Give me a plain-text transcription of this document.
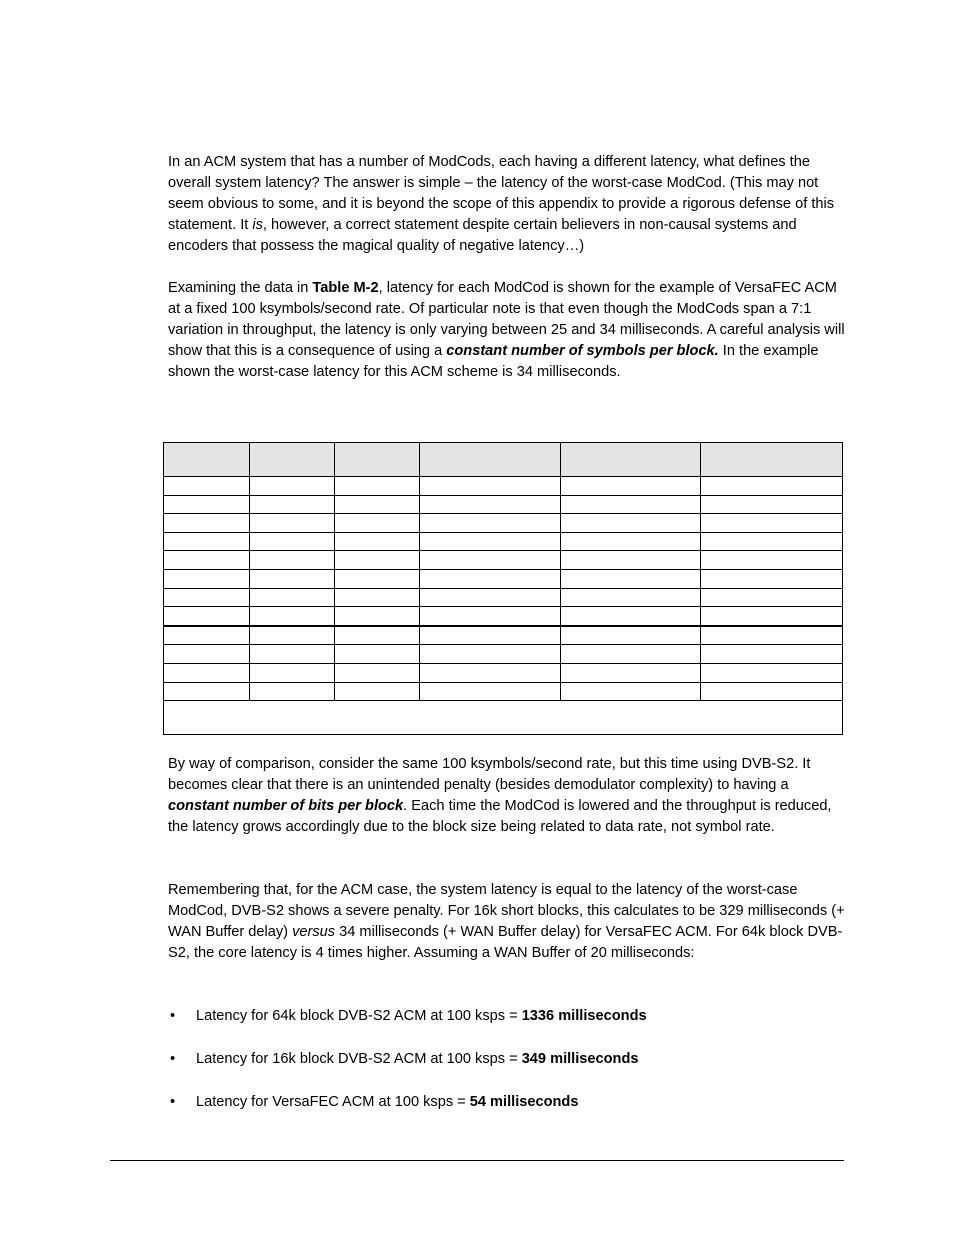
In an ACM system that has a number of ModCods, each having a different latency, what defines the overall system latency? The answer is simple – the latency of the worst-case ModCod. (This may not seem obvious to some, and it is beyond the scope of this appendix to provide a rigorous defense of this statement. It is, however, a correct statement despite certain believers in non-causal systems and encoders that possess the magical quality of negative latency…)

Examining the data in Table M-2, latency for each ModCod is shown for the example of VersaFEC ACM at a fixed 100 ksymbols/second rate. Of particular note is that even though the ModCods span a 7:1 variation in throughput, the latency is only varying between 25 and 34 milliseconds. A careful analysis will show that this is a consequence of using a constant number of symbols per block. In the example shown the worst-case latency for this ACM scheme is 34 milliseconds.

By way of comparison, consider the same 100 ksymbols/second rate, but this time using DVB-S2. It becomes clear that there is an unintended penalty (besides demodulator complexity) to having a constant number of bits per block. Each time the ModCod is lowered and the throughput is reduced, the latency grows accordingly due to the block size being related to data rate, not symbol rate.

Remembering that, for the ACM case, the system latency is equal to the latency of the worst-case ModCod, DVB-S2 shows a severe penalty. For 16k short blocks, this calculates to be 329 milliseconds (+ WAN Buffer delay) versus 34 milliseconds (+ WAN Buffer delay) for VersaFEC ACM. For 64k block DVB-S2, the core latency is 4 times higher. Assuming a WAN Buffer of 20 milliseconds:

• Latency for 64k block DVB-S2 ACM at 100 ksps = 1336 milliseconds
• Latency for 16k block DVB-S2 ACM at 100 ksps = 349 milliseconds
• Latency for VersaFEC ACM at 100 ksps = 54 milliseconds
